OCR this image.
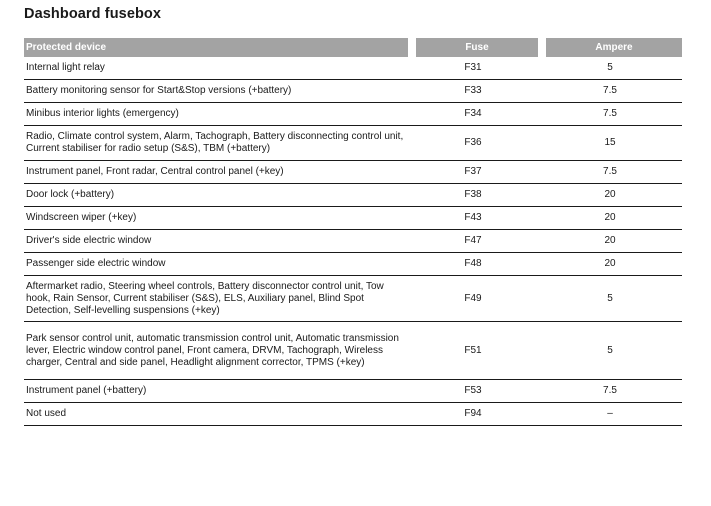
Dashboard fusebox
Protected device	Fuse	Ampere
Internal light relay	F31	5
Battery monitoring sensor for Start&Stop versions (+battery)	F33	7.5
Minibus interior lights (emergency)	F34	7.5
Radio, Climate control system, Alarm, Tachograph, Battery disconnecting control unit, Current stabiliser for radio setup (S&S), TBM (+battery)	F36	15
Instrument panel, Front radar, Central control panel (+key)	F37	7.5
Door lock (+battery)	F38	20
Windscreen wiper (+key)	F43	20
Driver's side electric window	F47	20
Passenger side electric window	F48	20
Aftermarket radio, Steering wheel controls, Battery disconnector control unit, Tow hook, Rain Sensor, Current stabiliser (S&S), ELS, Auxiliary panel, Blind Spot Detection, Self-levelling suspensions (+key)	F49	5
Park sensor control unit, automatic transmission control unit, Automatic transmission lever, Electric window control panel, Front camera, DRVM, Tachograph, Wireless charger, Central and side panel, Headlight alignment corrector, TPMS (+key)	F51	5
Instrument panel (+battery)	F53	7.5
Not used	F94	–
